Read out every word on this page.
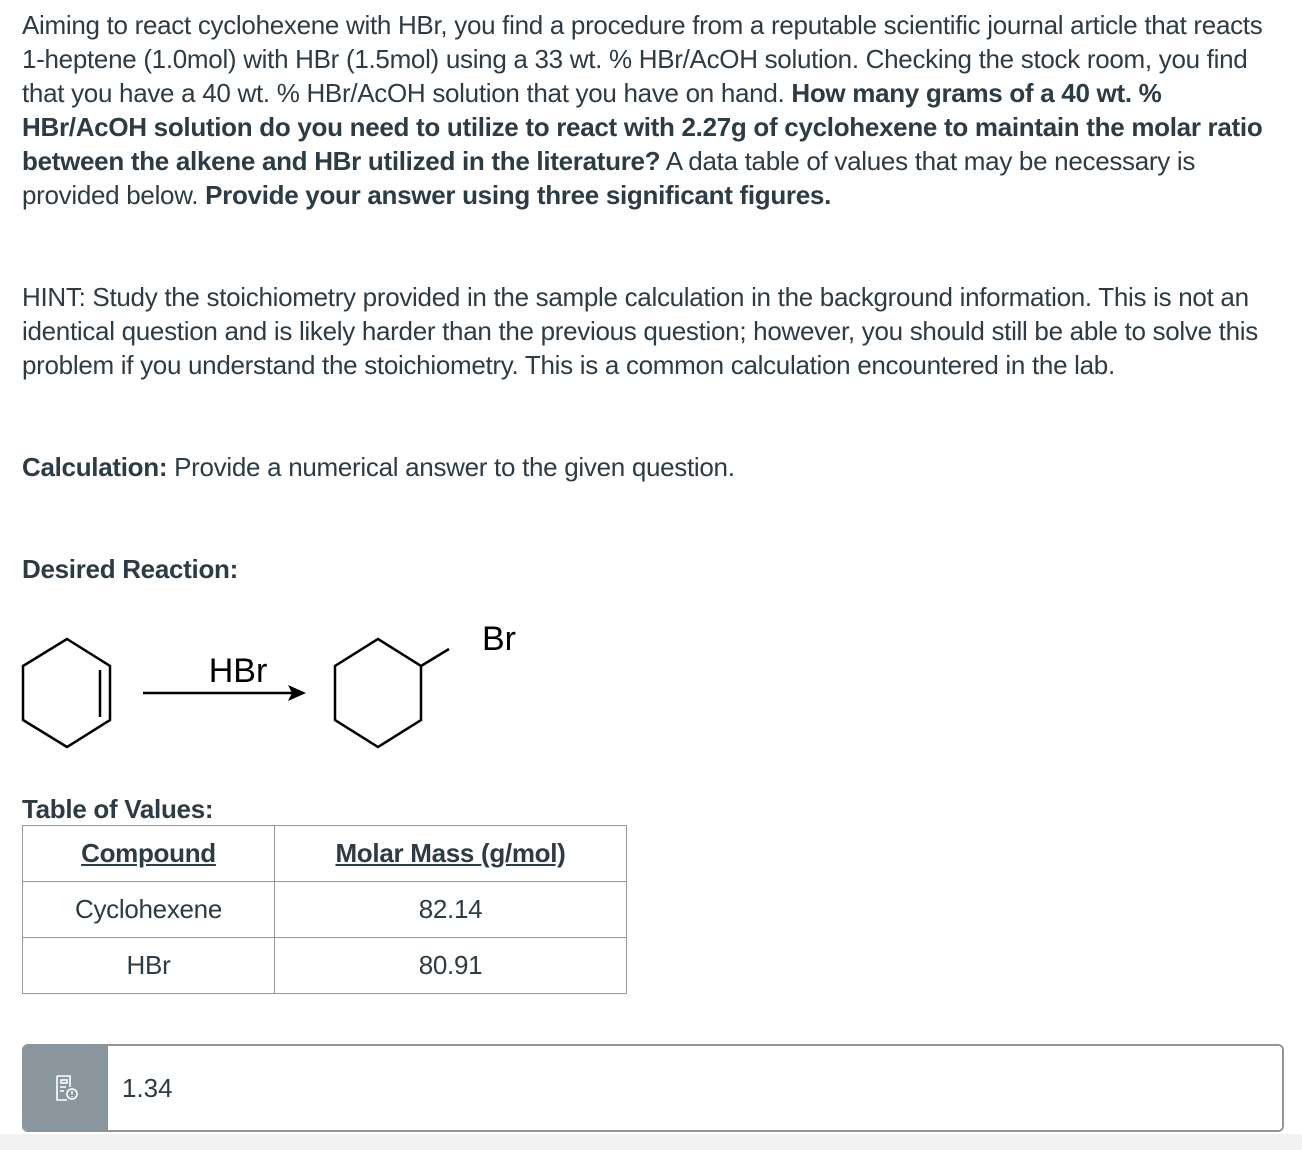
Aiming to react cyclohexene with HBr, you find a procedure from a reputable scientific journal article that reacts 1-heptene (1.0mol) with HBr (1.5mol) using a 33 wt. % HBr/AcOH solution. Checking the stock room, you find that you have a 40 wt. % HBr/AcOH solution that you have on hand. How many grams of a 40 wt. % HBr/AcOH solution do you need to utilize to react with 2.27g of cyclohexene to maintain the molar ratio between the alkene and HBr utilized in the literature? A data table of values that may be necessary is provided below. Provide your answer using three significant figures.
HINT: Study the stoichiometry provided in the sample calculation in the background information. This is not an identical question and is likely harder than the previous question; however, you should still be able to solve this problem if you understand the stoichiometry. This is a common calculation encountered in the lab.
Calculation: Provide a numerical answer to the given question.
Desired Reaction:
HBr
Br
Table of Values:
Compound	Molar Mass (g/mol)
Cyclohexene	82.14
HBr	80.91
1.34
